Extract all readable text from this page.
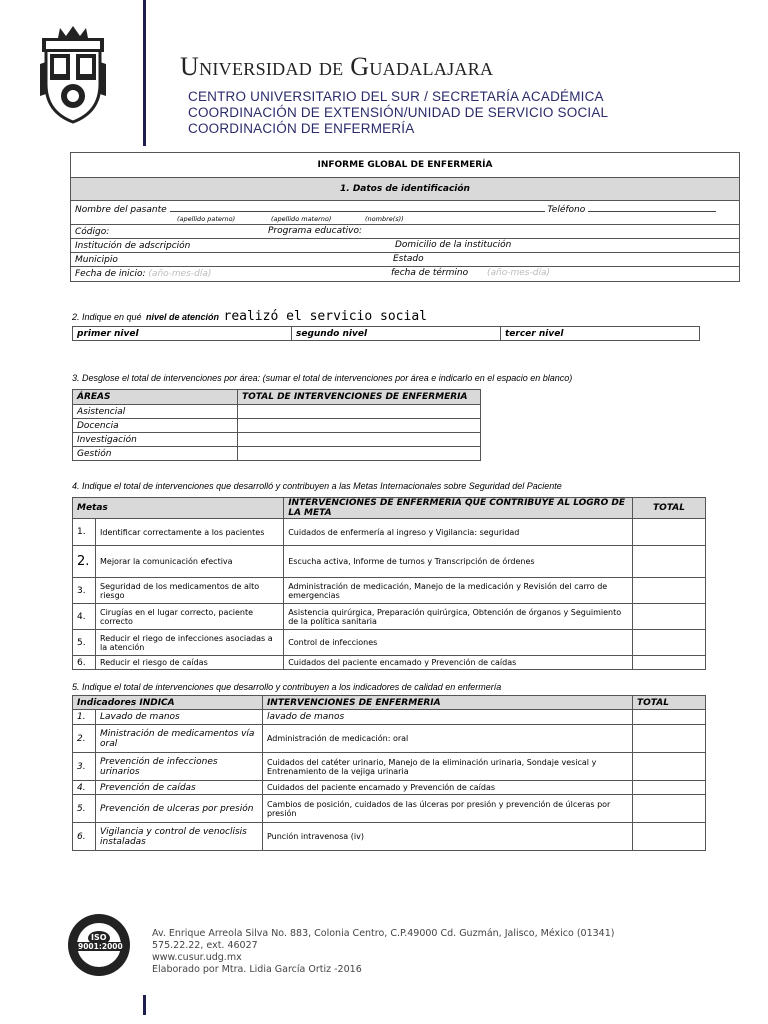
Universidad de Guadalajara
CENTRO UNIVERSITARIO DEL SUR / SECRETARÍA ACADÉMICA
COORDINACIÓN DE EXTENSIÓN/UNIDAD DE SERVICIO SOCIAL
COORDINACIÓN DE ENFERMERÍA
INFORME GLOBAL DE ENFERMERÍA
1. Datos de identificación
Nombre del pasante	Teléfono

(apellido paterno)	(apellido materno)	(nombre(s))

Código:	Programa educativo:

Institución de adscripción	Domicilio de la institución

Municipio	Estado

Fecha de inicio: (año-mes-día)	fecha de término (año-mes-día)
2. Indique en qué nivel de atención realizó el servicio social
primer nivel	segundo nivel	tercer nivel
3. Desglose el total de intervenciones por área: (sumar el total de intervenciones por área e indicarlo en el espacio en blanco)
ÁREAS	TOTAL DE INTERVENCIONES DE ENFERMERIA
Asistencial	
Docencia	
Investigación	
Gestión	
4. Indique el total de intervenciones que desarrolló y contribuyen a las Metas Internacionales sobre Seguridad del Paciente
Metas		INTERVENCIONES DE ENFERMERIA QUE CONTRIBUYE AL LOGRO DE LA META	TOTAL
1.	Identificar correctamente a los pacientes	Cuidados de enfermería al ingreso y Vigilancia: seguridad	
2.	Mejorar la comunicación efectiva	Escucha activa, Informe de turnos y Transcripción de órdenes	
3.	Seguridad de los medicamentos de alto riesgo	Administración de medicación, Manejo de la medicación y Revisión del carro de emergencias	
4.	Cirugías en el lugar correcto, paciente correcto	Asistencia quirúrgica, Preparación quirúrgica, Obtención de órganos y Seguimiento de la política sanitaria	
5.	Reducir el riego de infecciones asociadas a la atención	Control de infecciones	
6.	Reducir el riesgo de caídas	Cuidados del paciente encamado y Prevención de caídas	
5. Indique el total de intervenciones que desarrollo y contribuyen a los indicadores de calidad en enfermería
Indicadores INDICA		INTERVENCIONES DE ENFERMERIA	TOTAL
1.	Lavado de manos	lavado de manos	
2.	Ministración de medicamentos vía oral	Administración de medicación: oral	
3.	Prevención de infecciones urinarios	Cuidados del catéter urinario, Manejo de la eliminación urinaria, Sondaje vesical y Entrenamiento de la vejiga urinaria	
4.	Prevención de caídas	Cuidados del paciente encamado y Prevención de caídas	
5.	Prevención de ulceras por presión	Cambios de posición, cuidados de las úlceras por presión y prevención de úlceras por presión	
6.	Vigilancia y control de venoclisis instaladas	Punción intravenosa (iv)	
ISO
9001:2000
Av. Enrique Arreola Silva No. 883, Colonia Centro, C.P.49000 Cd. Guzmán, Jalisco, México (01341)
575.22.22, ext. 46027
www.cusur.udg.mx
Elaborado por Mtra. Lidia García Ortiz -2016
